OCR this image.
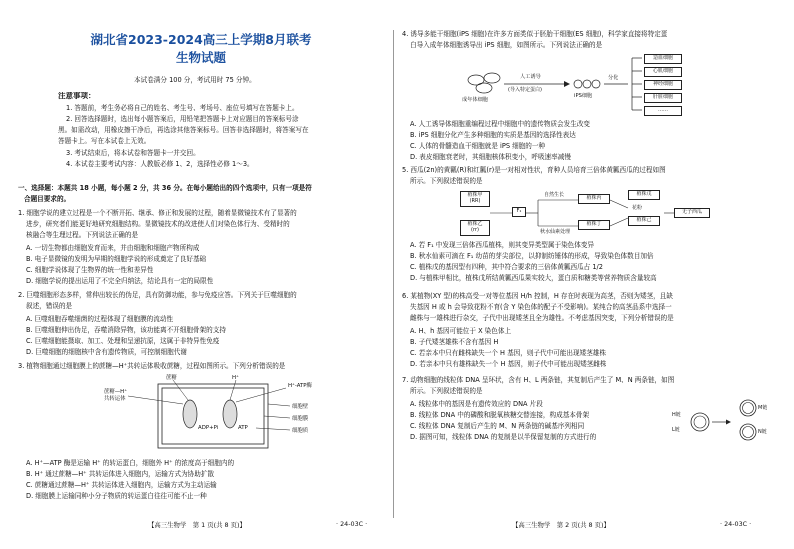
湖北省2023-2024高三上学期8月联考
生物试题
本试卷满分 100 分，考试用时 75 分钟。
注意事项：
1. 答题前，考生务必将自己的姓名、考生号、考场号、座位号填写在答题卡上。
2. 回答选择题时，选出每小题答案后，用铅笔把答题卡上对应题目的答案标号涂
黑。如需改动，用橡皮擦干净后，再选涂其他答案标号。回答非选择题时，将答案写在
答题卡上。写在本试卷上无效。
3. 考试结束后，将本试卷和答题卡一并交回。
4. 本试卷主要考试内容：人教版必修 1、2，选择性必修 1～3。
一、选择题：本题共 18 小题，每小题 2 分，共 36 分。在每小题给出的四个选项中，只有一项是符
合题目要求的。
1. 细胞学说的建立过程是一个不断开拓、继承、修正和发展的过程，随着显微镜技术有了显著的
进步，研究者们能更好地研究细胞结构。显微镜技术的改进使人们对染色体行为、受精时的
核融合等生理过程。下列说法正确的是
A. 一切生物都由细胞发育而来，并由细胞和细胞产物所构成
B. 电子显微镜的发明为早期的细胞学说的形成奠定了良好基础
C. 细胞学说体现了生物界的统一性和差异性
D. 细胞学说的提出运用了不完全归纳法，结论具有一定的局限性
2. 巨噬细胞形态多样，常伸出较长的伪足，具有防御功能，参与免疫应答。下列关于巨噬细胞的
叙述，错误的是
A. 巨噬细胞吞噬细菌的过程体现了细胞膜的流动性
B. 巨噬细胞伸出伪足，吞噬消除异物，该功能离不开细胞骨架的支持
C. 巨噬细胞能摄取、加工、处理和呈递抗原，这属于非特异性免疫
D. 巨噬细胞的细胞核中含有遗传物质，可控制细胞代谢
3. 植物细胞通过细胞膜上的蔗糖—H⁺共转运体吸收蔗糖，过程如图所示。下列分析错误的是
蔗糖—H⁺
共转运体
蔗糖	H⁺
ADP+Pi	ATP
H⁺-ATP酶
细胞壁
细胞膜
细胞质
A. H⁺—ATP 酶是运输 H⁺ 的转运蛋白，细胞外 H⁺ 的浓度高于细胞内的
B. H⁺ 通过蔗糖—H⁺ 共转运体进入细胞内，运输方式为协助扩散
C. 蔗糖通过蔗糖—H⁺ 共转运体进入细胞内，运输方式为主动运输
D. 细胞膜上运输同种小分子物质的转运蛋白往往可能不止一种
【高三生物学　第 1 页(共 8 页)】	· 24-03C ·
4. 诱导多能干细胞(iPS 细胞)在许多方面类似于胚胎干细胞(ES 细胞)，科学家直接将特定蛋
白导入成年体细胞诱导出 iPS 细胞，如图所示。下列说法正确的是
成年体细胞
人工诱导
(导入特定蛋白)
iPS细胞
分化
造血细胞
心肌细胞
神经细胞
肝脏细胞
……
A. 人工诱导体细胞重编程过程中细胞中的遗传物质会发生改变
B. iPS 细胞分化产生多种细胞的实质是基因的选择性表达
C. 人体的骨髓造血干细胞就是 iPS 细胞的一种
D. 表皮细胞衰老时，其细胞核体积变小，呼吸速率减慢
5. 西瓜(2n)的黄瓤(R)和红瓤(r)是一对相对性状，育种人员培育三倍体黄瓤西瓜的过程如图
所示。下列叙述错误的是
植株甲
(RR)
植株乙
(rr)
F₁
自然生长	植株丙
秋水仙素处理
植株丁
植株戊
花粉
植株己
无子西瓜
A. 若 F₁ 中发现三倍体西瓜植株，则其变异类型属于染色体变异
B. 秋水仙素可滴在 F₁ 幼苗的芽尖部位，以抑制纺锤体的形成，导致染色体数目加倍
C. 植株戊的基因型有四种，其中符合要求的三倍体黄瓤西瓜占 1/2
D. 与植株甲相比，植株戊所结黄瓤西瓜果实较大，蛋白质和糖类等营养物质含量较高
6. 某植物(XY 型)的株高受一对等位基因 H/h 控制，H 存在时表现为高茎，否则为矮茎，且缺
失基因 H 或 h 会导致花粉不育(含 Y 染色体的配子不受影响)。某纯合的高茎品系中选择一
雌株与一雄株进行杂交，子代中出现矮茎且全为雄性。不考虑基因突变，下列分析错误的是
A. H、h 基因可能位于 X 染色体上
B. 子代矮茎雄株不含有基因 H
C. 若亲本中只有雌株缺失一个 H 基因，则子代中可能出现矮茎雄株
D. 若亲本中只有雄株缺失一个 H 基因，则子代中可能出现矮茎雌株
7. 动物细胞的线粒体 DNA 呈环状，含有 H、L 两条链，其复制后产生了 M、N 两条链，如图
所示。下列叙述错误的是
A. 线粒体中的基因是有遗传效应的 DNA 片段
B. 线粒体 DNA 中的磷酸和脱氧核糖交替连接，构成基本骨架
C. 线粒体 DNA 复制后产生的 M、N 两条链的碱基序列相同
D. 据图可知，线粒体 DNA 的复制是以半保留复制的方式进行的
H链
L链
M链
N链
【高三生物学　第 2 页(共 8 页)】	· 24-03C ·
